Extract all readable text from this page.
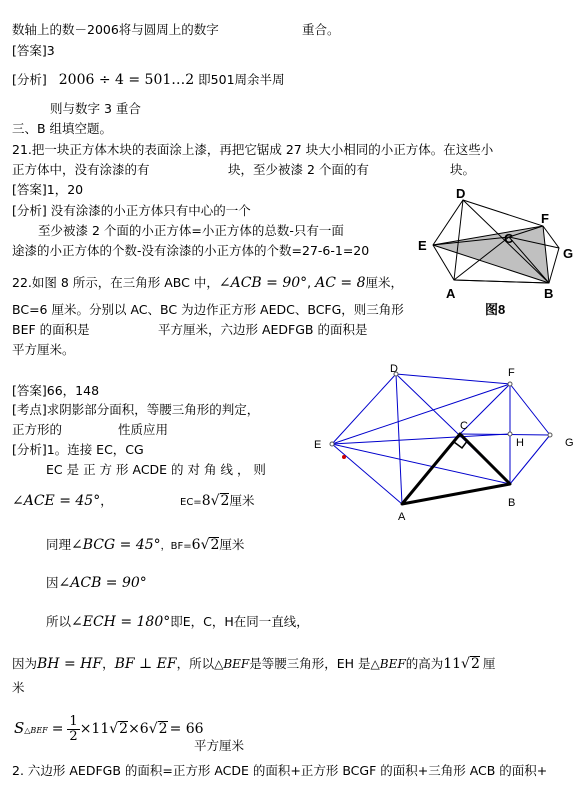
数轴上的数－2006将与圆周上的数字	重合。
[答案]3
[分析] 2006 ÷ 4 = 501…2 即501周余半周
则与数字 3 重合
三、B 组填空题。
21.把一块正方体木块的表面涂上漆，再把它锯成 27 块大小相同的小正方体。在这些小
正方体中，没有涂漆的有	块，至少被漆 2 个面的有	块。
[答案]1，20
[分析] 没有涂漆的小正方体只有中心的一个
至少被漆 2 个面的小正方体=小正方体的总数-只有一面
途漆的小正方体的个数-没有涂漆的小正方体的个数=27-6-1=20
22.如图 8 所示，在三角形 ABC 中，∠ACB = 90°, AC = 8厘米，
BC=6 厘米。分别以 AC、BC 为边作正方形 AEDC、BCFG，则三角形
BEF 的面积是	平方厘米，六边形 AEDFGB 的面积是
平方厘米。
[答案]66，148
[考点]求阴影部分面积，等腰三角形的判定，
正方形的	性质应用
[分析]1。连接 EC，CG
EC 是 正 方 形 ACDE 的 对 角 线 ， 则
∠ACE = 45°，	EC=8√2厘米
同理∠BCG = 45°，BF=6√2厘米
因∠ACB = 90°
所以∠ECH = 180°即E，C，H在同一直线，
因为BH = HF，BF ⊥ EF，所以△BEF是等腰三角形，EH 是△BEF的高为11√2 厘
米
S△BEF = $\frac{1}{2} \times 11√2\times 6√2 = 66$
平方厘米
2. 六边形 AEDFGB 的面积=正方形 ACDE 的面积+正方形 BCGF 的面积+三角形 ACB 的面积+
D
F
E	C
G
A	B
图8
D	F
E
C
H	G
A
B
